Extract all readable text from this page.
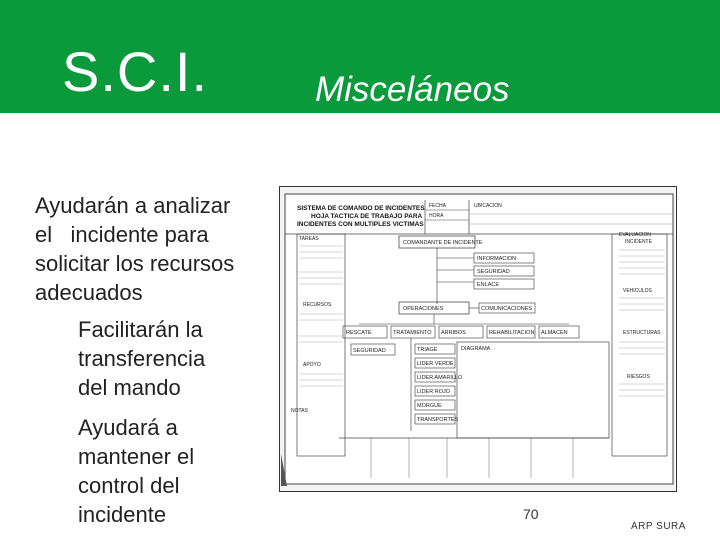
S.C.I.	Misceláneos
Ayudarán a analizar
el   incidente para
solicitar los recursos
adecuados
Facilitarán la
transferencia
del mando
Ayudará a
mantener el
control del
incidente
SISTEMA DE COMANDO DE INCIDENTES
HOJA TACTICA DE TRABAJO PARA
INCIDENTES CON MULTIPLES VICTIMAS
FECHA
HORA
UBICACION
TAREAS
RECURSOS
APOYO
NOTAS
EVALUACION
INCIDENTE
VEHICULOS
ESTRUCTURAS
RIESGOS
COMANDANTE DE INCIDENTE
INFORMACION
SEGURIDAD
ENLACE
OPERACIONES	COMUNICACIONES
RESCATE	TRATAMIENTO ARRIBOS	REHABILITACION ALMACEN
SEGURIDAD	DIAGRAMA
TRIAGE
LIDER VERDE
LIDER AMARILLO
LIDER ROJO
MORGUE
TRANSPORTES
70
ARP SURA
